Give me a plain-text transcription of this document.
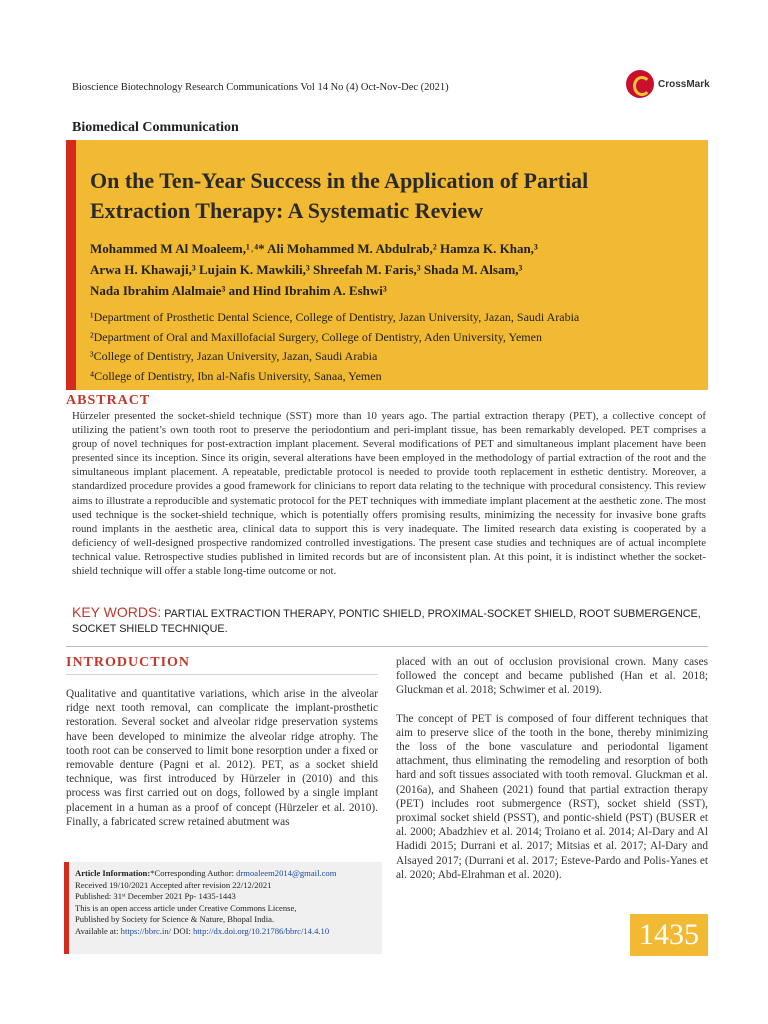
Bioscience Biotechnology Research Communications Vol 14 No (4) Oct-Nov-Dec (2021)	CrossMark
Biomedical Communication
On the Ten-Year Success in the Application of Partial Extraction Therapy: A Systematic Review
Mohammed M Al Moaleem,¹˒⁴* Ali Mohammed M. Abdulrab,² Hamza K. Khan,³
Arwa H. Khawaji,³ Lujain K. Mawkili,³ Shreefah M. Faris,³ Shada M. Alsam,³
Nada Ibrahim Alalmaie³ and Hind Ibrahim A. Eshwi³
¹Department of Prosthetic Dental Science, College of Dentistry, Jazan University, Jazan, Saudi Arabia
²Department of Oral and Maxillofacial Surgery, College of Dentistry, Aden University, Yemen
³College of Dentistry, Jazan University, Jazan, Saudi Arabia
⁴College of Dentistry, Ibn al-Nafis University, Sanaa, Yemen
ABSTRACT
Hürzeler presented the socket-shield technique (SST) more than 10 years ago. The partial extraction therapy (PET), a collective concept of utilizing the patient’s own tooth root to preserve the periodontium and peri-implant tissue, has been remarkably developed. PET comprises a group of novel techniques for post-extraction implant placement. Several modifications of PET and simultaneous implant placement have been presented since its inception. Since its origin, several alterations have been employed in the methodology of partial extraction of the root and the simultaneous implant placement. A repeatable, predictable protocol is needed to provide tooth replacement in esthetic dentistry. Moreover, a standardized procedure provides a good framework for clinicians to report data relating to the technique with procedural consistency. This review aims to illustrate a reproducible and systematic protocol for the PET techniques with immediate implant placement at the aesthetic zone. The most used technique is the socket-shield technique, which is potentially offers promising results, minimizing the necessity for invasive bone grafts round implants in the aesthetic area, clinical data to support this is very inadequate. The limited research data existing is cooperated by a deficiency of well-designed prospective randomized controlled investigations. The present case studies and techniques are of actual incomplete technical value. Retrospective studies published in limited records but are of inconsistent plan. At this point, it is indistinct whether the socket-shield technique will offer a stable long-time outcome or not.
KEY WORDS: PARTIAL EXTRACTION THERAPY, PONTIC SHIELD, PROXIMAL-SOCKET SHIELD, ROOT SUBMERGENCE, SOCKET SHIELD TECHNIQUE.
INTRODUCTION
Qualitative and quantitative variations, which arise in the alveolar ridge next tooth removal, can complicate the implant-prosthetic restoration. Several socket and alveolar ridge preservation systems have been developed to minimize the alveolar ridge atrophy. The tooth root can be conserved to limit bone resorption under a fixed or removable denture (Pagni et al. 2012). PET, as a socket shield technique, was first introduced by Hürzeler in (2010) and this process was first carried out on dogs, followed by a single implant placement in a human as a proof of concept (Hürzeler et al. 2010). Finally, a fabricated screw retained abutment was

placed with an out of occlusion provisional crown. Many cases followed the concept and became published (Han et al. 2018; Gluckman et al. 2018; Schwimer et al. 2019).

The concept of PET is composed of four different techniques that aim to preserve slice of the tooth in the bone, thereby minimizing the loss of the bone vasculature and periodontal ligament attachment, thus eliminating the remodeling and resorption of both hard and soft tissues associated with tooth removal. Gluckman et al. (2016a), and Shaheen (2021) found that partial extraction therapy (PET) includes root submergence (RST), socket shield (SST), proximal socket shield (PSST), and pontic-shield (PST) (BUSER et al. 2000; Abadzhiev et al. 2014; Troiano et al. 2014; Al-Dary and Al Hadidi 2015; Durrani et al. 2017; Mitsias et al. 2017; Al-Dary and Alsayed 2017; (Durrani et al. 2017; Esteve-Pardo and Polis-Yanes et al. 2020; Abd-Elrahman et al. 2020).

Article Information:*Corresponding Author: drmoaleem2014@gmail.com
Received 19/10/2021 Accepted after revision 22/12/2021
Published: 31ˢᵗ December 2021 Pp- 1435-1443
This is an open access article under Creative Commons License,
Published by Society for Science & Nature, Bhopal India.
Available at: https://bbrc.in/ DOI: http://dx.doi.org/10.21786/bbrc/14.4.10	1435
